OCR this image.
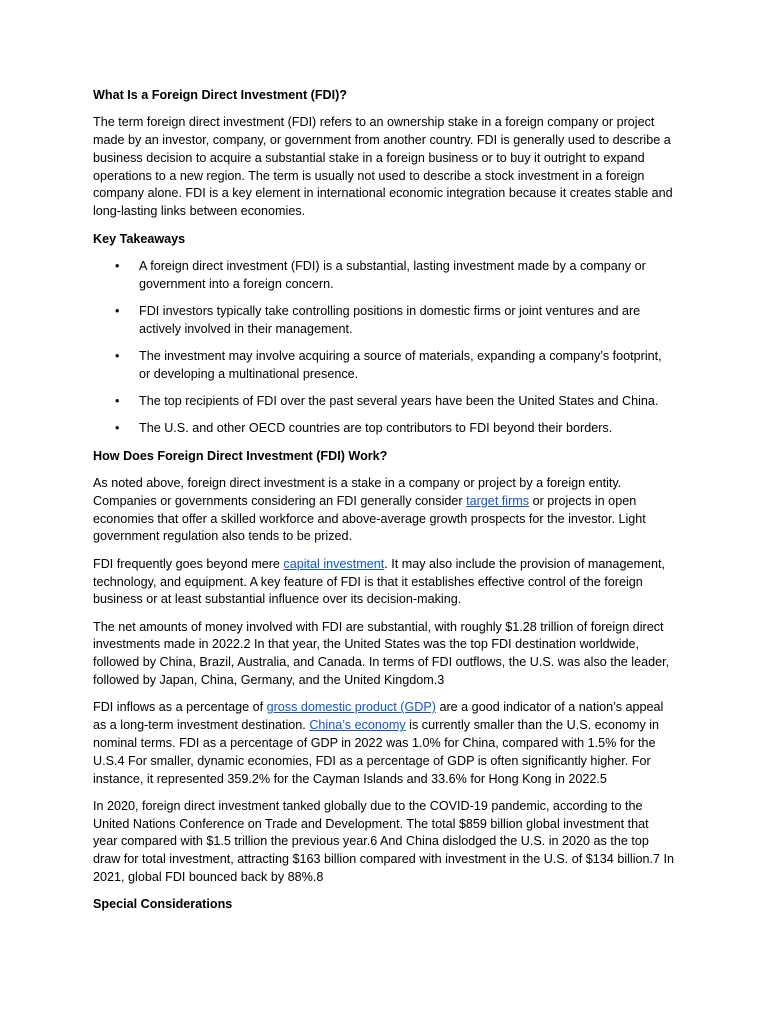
What Is a Foreign Direct Investment (FDI)?

The term foreign direct investment (FDI) refers to an ownership stake in a foreign company or project made by an investor, company, or government from another country. FDI is generally used to describe a business decision to acquire a substantial stake in a foreign business or to buy it outright to expand operations to a new region. The term is usually not used to describe a stock investment in a foreign company alone. FDI is a key element in international economic integration because it creates stable and long-lasting links between economies.

Key Takeaways
• A foreign direct investment (FDI) is a substantial, lasting investment made by a company or government into a foreign concern.
• FDI investors typically take controlling positions in domestic firms or joint ventures and are actively involved in their management.
• The investment may involve acquiring a source of materials, expanding a company’s footprint, or developing a multinational presence.
• The top recipients of FDI over the past several years have been the United States and China.
• The U.S. and other OECD countries are top contributors to FDI beyond their borders.
How Does Foreign Direct Investment (FDI) Work?

As noted above, foreign direct investment is a stake in a company or project by a foreign entity. Companies or governments considering an FDI generally consider target firms or projects in open economies that offer a skilled workforce and above-average growth prospects for the investor. Light government regulation also tends to be prized.

FDI frequently goes beyond mere capital investment. It may also include the provision of management, technology, and equipment. A key feature of FDI is that it establishes effective control of the foreign business or at least substantial influence over its decision-making.

The net amounts of money involved with FDI are substantial, with roughly $1.28 trillion of foreign direct investments made in 2022.2 In that year, the United States was the top FDI destination worldwide, followed by China, Brazil, Australia, and Canada. In terms of FDI outflows, the U.S. was also the leader, followed by Japan, China, Germany, and the United Kingdom.3

FDI inflows as a percentage of gross domestic product (GDP) are a good indicator of a nation’s appeal as a long-term investment destination. China’s economy is currently smaller than the U.S. economy in nominal terms. FDI as a percentage of GDP in 2022 was 1.0% for China, compared with 1.5% for the U.S.4 For smaller, dynamic economies, FDI as a percentage of GDP is often significantly higher. For instance, it represented 359.2% for the Cayman Islands and 33.6% for Hong Kong in 2022.5

In 2020, foreign direct investment tanked globally due to the COVID-19 pandemic, according to the United Nations Conference on Trade and Development. The total $859 billion global investment that year compared with $1.5 trillion the previous year.6 And China dislodged the U.S. in 2020 as the top draw for total investment, attracting $163 billion compared with investment in the U.S. of $134 billion.7 In 2021, global FDI bounced back by 88%.8

Special Considerations
